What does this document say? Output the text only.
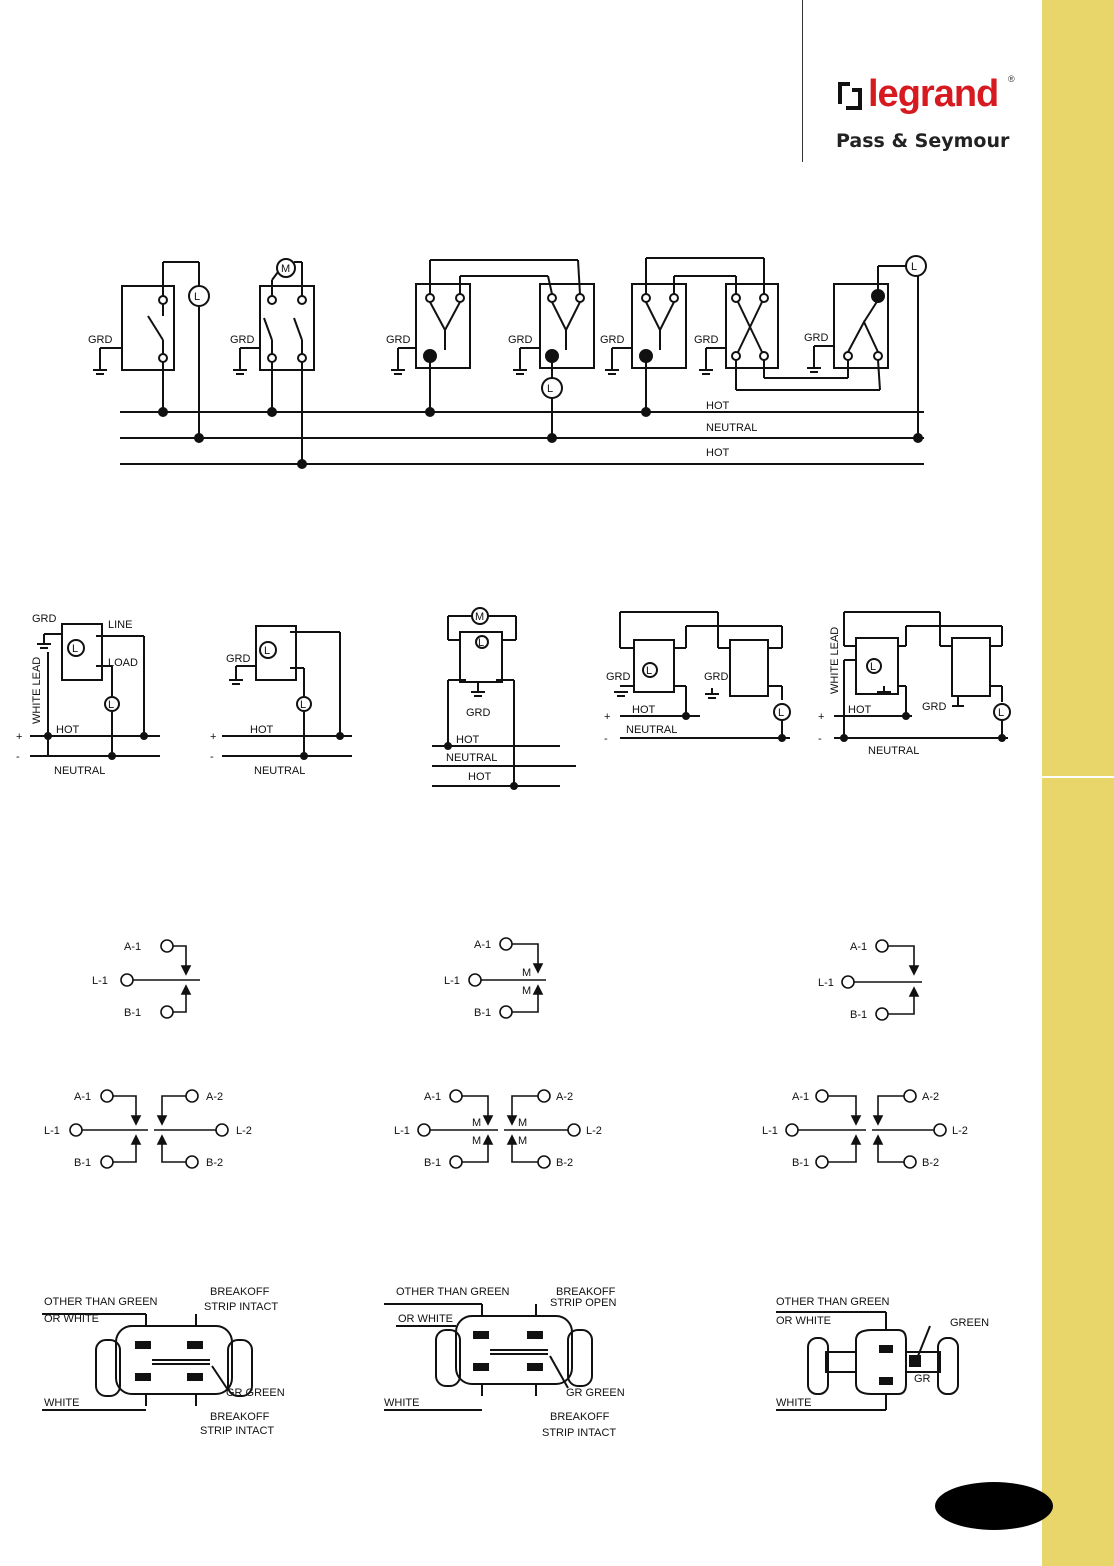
legrand ®
Pass & Seymour
HOT
NEUTRAL
HOT
L
GRD
M
GRD	GRD
L
GRD	GRD	GRD
L
GRD
L
L
GRD	LINE
LOAD
HOT
NEUTRAL
+
-
WHITE LEAD
L
L
GRD
HOT
NEUTRAL
+
-
M
L
GRD
HOT
NEUTRAL
HOT
L
L
GRD	GRD
HOT
NEUTRAL
+
-
L
L
GRD
HOT
NEUTRAL
+
-
WHITE LEAD
A-1
L-1
B-1
A-1
L-1
B-1
M
M
A-1
L-1
B-1
A-1
L-1
B-1
A-2
L-2
B-2
A-1
L-1
B-1
A-2
L-2
B-2
M
M
M
M
A-1
L-1
B-1
A-2
L-2
B-2
OTHER THAN GREEN
OR WHITE
WHITE
BREAKOFF
STRIP INTACT
GR GREEN
BREAKOFF
STRIP INTACT
OTHER THAN GREEN
OR WHITE
WHITE
BREAKOFF
STRIP OPEN
GR GREEN
BREAKOFF
STRIP INTACT
OTHER THAN GREEN
OR WHITE
WHITE
GREEN
GR
